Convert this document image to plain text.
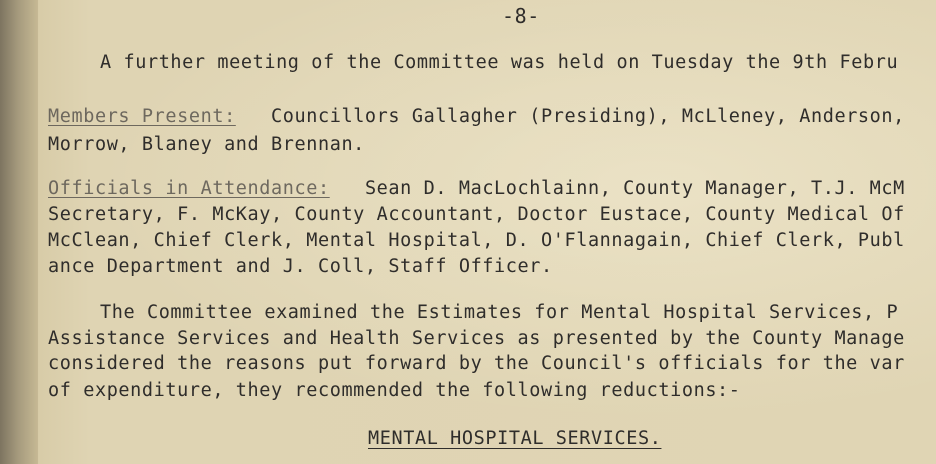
-8-
A further meeting of the Committee was held on Tuesday the 9th Febru
Members Present: Councillors Gallagher (Presiding), McLleney, Anderson,
Morrow, Blaney and Brennan.
Officials in Attendance: Sean D. MacLochlainn, County Manager, T.J. McM
Secretary, F. McKay, County Accountant, Doctor Eustace, County Medical Of
McClean, Chief Clerk, Mental Hospital, D. O'Flannagain, Chief Clerk, Publ
ance Department and J. Coll, Staff Officer.
The Committee examined the Estimates for Mental Hospital Services, P
Assistance Services and Health Services as presented by the County Manage
considered the reasons put forward by the Council's officials for the var
of expenditure, they recommended the following reductions:-
MENTAL HOSPITAL SERVICES.
